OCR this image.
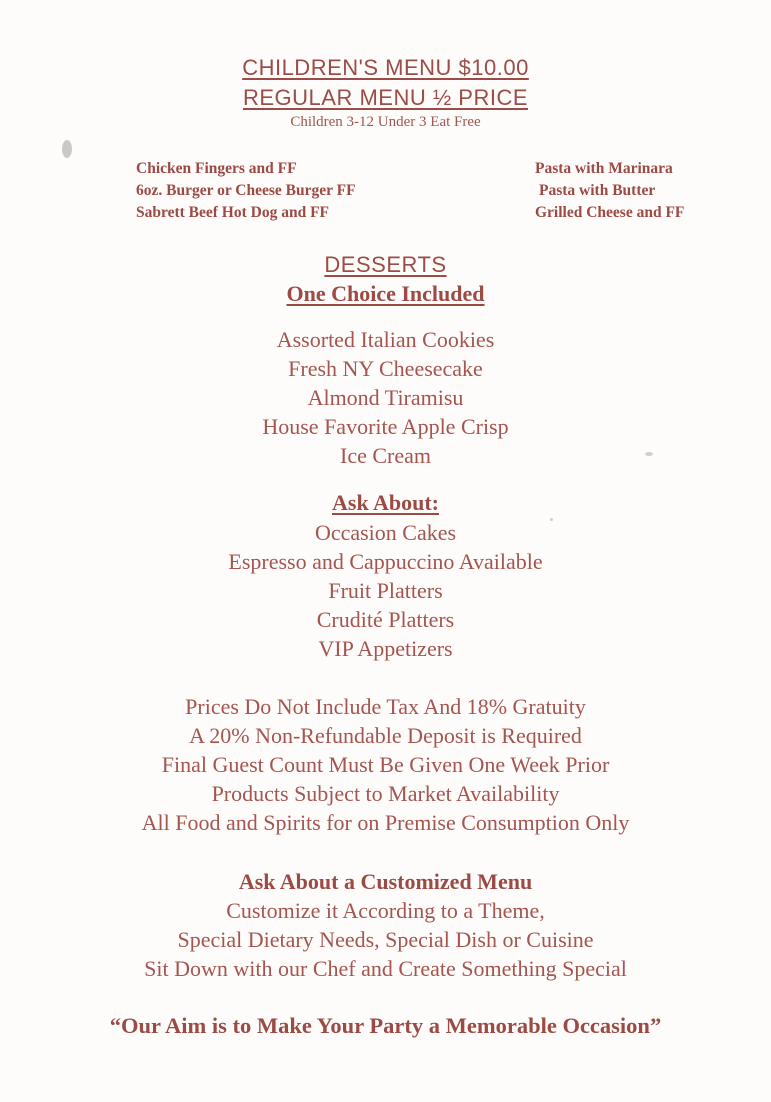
CHILDREN'S MENU $10.00
REGULAR MENU ½ PRICE
Children 3-12 Under 3 Eat Free
Chicken Fingers and FF
6oz. Burger or Cheese Burger FF
Sabrett Beef Hot Dog and FF
Pasta with Marinara
Pasta with Butter
Grilled Cheese and FF
DESSERTS
One Choice Included
Assorted Italian Cookies
Fresh NY Cheesecake
Almond Tiramisu
House Favorite Apple Crisp
Ice Cream
Ask About:
Occasion Cakes
Espresso and Cappuccino Available
Fruit Platters
Crudité Platters
VIP Appetizers
Prices Do Not Include Tax And 18% Gratuity
A 20% Non-Refundable Deposit is Required
Final Guest Count Must Be Given One Week Prior
Products Subject to Market Availability
All Food and Spirits for on Premise Consumption Only
Ask About a Customized Menu
Customize it According to a Theme,
Special Dietary Needs, Special Dish or Cuisine
Sit Down with our Chef and Create Something Special
“Our Aim is to Make Your Party a Memorable Occasion”
